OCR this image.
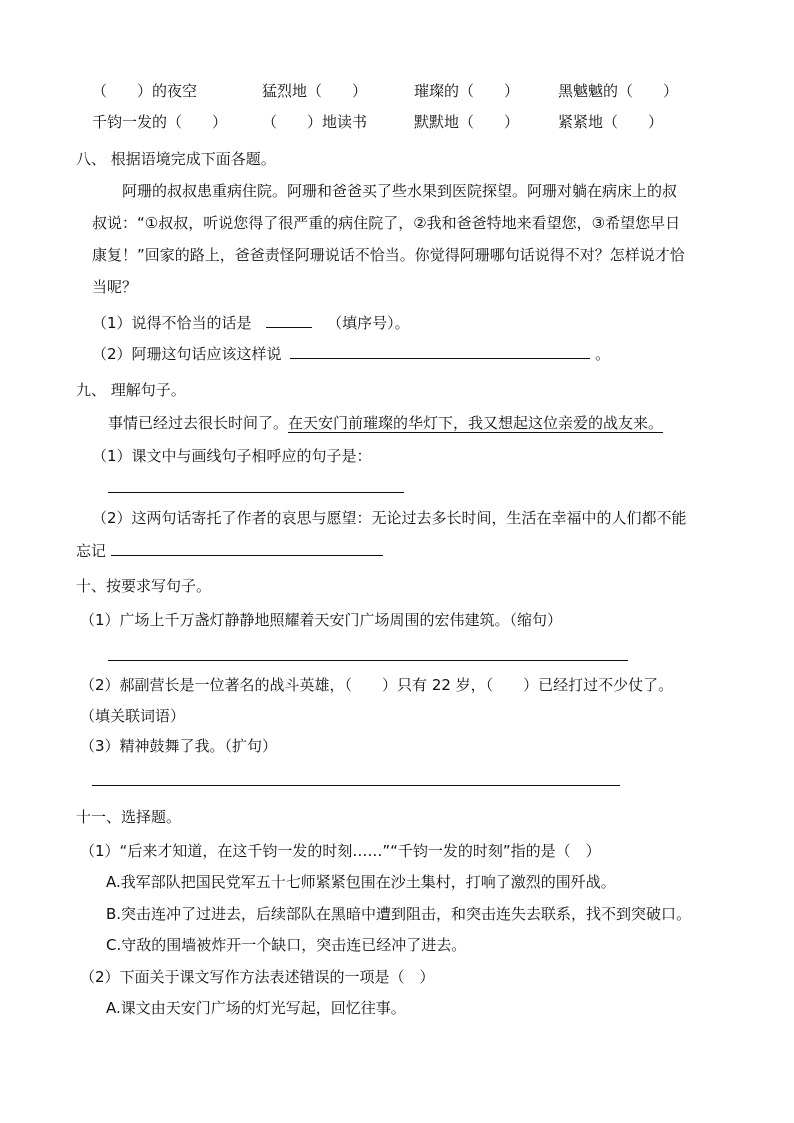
（　　）的夜空	猛烈地（　　）	璀璨的（　　）	黑魆魆的（　　）
千钧一发的（　　） （　　）地读书	默默地（　　）	紧紧地（　　）
八、 根据语境完成下面各题。
阿珊的叔叔患重病住院。阿珊和爸爸买了些水果到医院探望。阿珊对躺在病床上的叔
叔说：“①叔叔，听说您得了很严重的病住院了，②我和爸爸特地来看望您，③希望您早日
康复！”回家的路上，爸爸责怪阿珊说话不恰当。你觉得阿珊哪句话说得不对？怎样说才恰
当呢？
（1）说得不恰当的话是	（填序号）。
（2）阿珊这句话应该这样说	。
九、 理解句子。
事情已经过去很长时间了。在天安门前璀璨的华灯下，我又想起这位亲爱的战友来。
（1）课文中与画线句子相呼应的句子是：
（2）这两句话寄托了作者的哀思与愿望：无论过去多长时间，生活在幸福中的人们都不能
忘记
十、按要求写句子。
（1）广场上千万盏灯静静地照耀着天安门广场周围的宏伟建筑。（缩句）
（2）郝副营长是一位著名的战斗英雄，（　　）只有 22 岁，（　　）已经打过不少仗了。
（填关联词语）
（3）精神鼓舞了我。（扩句）
十一、选择题。
（1）“后来才知道，在这千钧一发的时刻……”“千钧一发的时刻”指的是（　）
A.我军部队把国民党军五十七师紧紧包围在沙土集村，打响了激烈的围歼战。
B.突击连冲了过进去，后续部队在黑暗中遭到阻击，和突击连失去联系，找不到突破口。
C.守敌的围墙被炸开一个缺口，突击连已经冲了进去。
（2）下面关于课文写作方法表述错误的一项是（　）
A.课文由天安门广场的灯光写起，回忆往事。
